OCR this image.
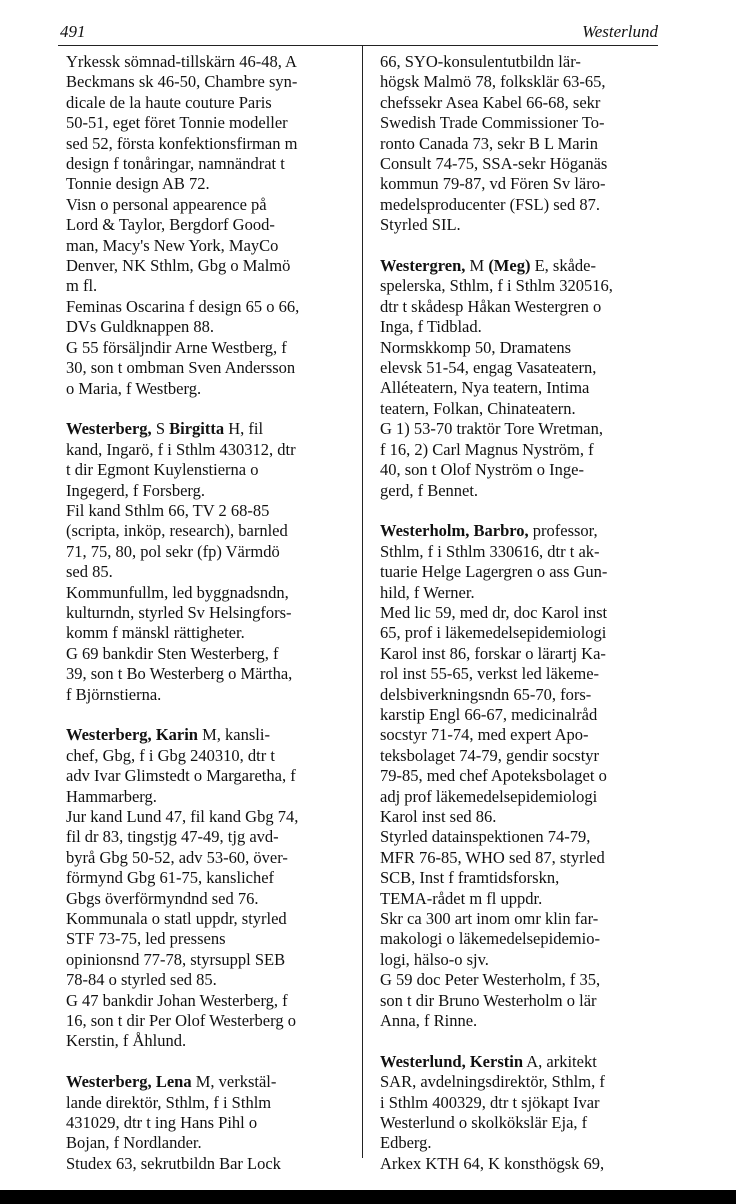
491	Westerlund
Yrkessk sömnad-tillskärn 46-48, A
Beckmans sk 46-50, Chambre syn-
dicale de la haute couture Paris
50-51, eget föret Tonnie modeller
sed 52, första konfektionsfirman m
design f tonåringar, namnändrat t
Tonnie design AB 72.
Visn o personal appearence på
Lord & Taylor, Bergdorf Good-
man, Macy's New York, MayCo
Denver, NK Sthlm, Gbg o Malmö
m fl.
Feminas Oscarina f design 65 o 66,
DVs Guldknappen 88.
G 55 försäljndir Arne Westberg, f
30, son t ombman Sven Andersson
o Maria, f Westberg.
Westerberg, S Birgitta H, fil
kand, Ingarö, f i Sthlm 430312, dtr
t dir Egmont Kuylenstierna o
Ingegerd, f Forsberg.
Fil kand Sthlm 66, TV 2 68-85
(scripta, inköp, research), barnled
71, 75, 80, pol sekr (fp) Värmdö
sed 85.
Kommunfullm, led byggnadsndn,
kulturndn, styrled Sv Helsingfors-
komm f mänskl rättigheter.
G 69 bankdir Sten Westerberg, f
39, son t Bo Westerberg o Märtha,
f Björnstierna.
Westerberg, Karin M, kansli-
chef, Gbg, f i Gbg 240310, dtr t
adv Ivar Glimstedt o Margaretha, f
Hammarberg.
Jur kand Lund 47, fil kand Gbg 74,
fil dr 83, tingstjg 47-49, tjg avd-
byrå Gbg 50-52, adv 53-60, över-
förmynd Gbg 61-75, kanslichef
Gbgs överförmyndnd sed 76.
Kommunala o statl uppdr, styrled
STF 73-75, led pressens
opinionsnd 77-78, styrsuppl SEB
78-84 o styrled sed 85.
G 47 bankdir Johan Westerberg, f
16, son t dir Per Olof Westerberg o
Kerstin, f Åhlund.
Westerberg, Lena M, verkstäl-
lande direktör, Sthlm, f i Sthlm
431029, dtr t ing Hans Pihl o
Bojan, f Nordlander.
Studex 63, sekrutbildn Bar Lock
66, SYO-konsulentutbildn lär-
högsk Malmö 78, folksklär 63-65,
chefssekr Asea Kabel 66-68, sekr
Swedish Trade Commissioner To-
ronto Canada 73, sekr B L Marin
Consult 74-75, SSA-sekr Höganäs
kommun 79-87, vd Fören Sv läro-
medelsproducenter (FSL) sed 87.
Styrled SIL.
Westergren, M (Meg) E, skåde-
spelerska, Sthlm, f i Sthlm 320516,
dtr t skådesp Håkan Westergren o
Inga, f Tidblad.
Normskkomp 50, Dramatens
elevsk 51-54, engag Vasateatern,
Alléteatern, Nya teatern, Intima
teatern, Folkan, Chinateatern.
G 1) 53-70 traktör Tore Wretman,
f 16, 2) Carl Magnus Nyström, f
40, son t Olof Nyström o Inge-
gerd, f Bennet.
Westerholm, Barbro, professor,
Sthlm, f i Sthlm 330616, dtr t ak-
tuarie Helge Lagergren o ass Gun-
hild, f Werner.
Med lic 59, med dr, doc Karol inst
65, prof i läkemedelsepidemiologi
Karol inst 86, forskar o lärartj Ka-
rol inst 55-65, verkst led läkeme-
delsbiverkningsndn 65-70, fors-
karstip Engl 66-67, medicinalråd
socstyr 71-74, med expert Apo-
teksbolaget 74-79, gendir socstyr
79-85, med chef Apoteksbolaget o
adj prof läkemedelsepidemiologi
Karol inst sed 86.
Styrled datainspektionen 74-79,
MFR 76-85, WHO sed 87, styrled
SCB, Inst f framtidsforskn,
TEMA-rådet m fl uppdr.
Skr ca 300 art inom omr klin far-
makologi o läkemedelsepidemio-
logi, hälso-o sjv.
G 59 doc Peter Westerholm, f 35,
son t dir Bruno Westerholm o lär
Anna, f Rinne.
Westerlund, Kerstin A, arkitekt
SAR, avdelningsdirektör, Sthlm, f
i Sthlm 400329, dtr t sjökapt Ivar
Westerlund o skolkökslär Eja, f
Edberg.
Arkex KTH 64, K konsthögsk 69,
